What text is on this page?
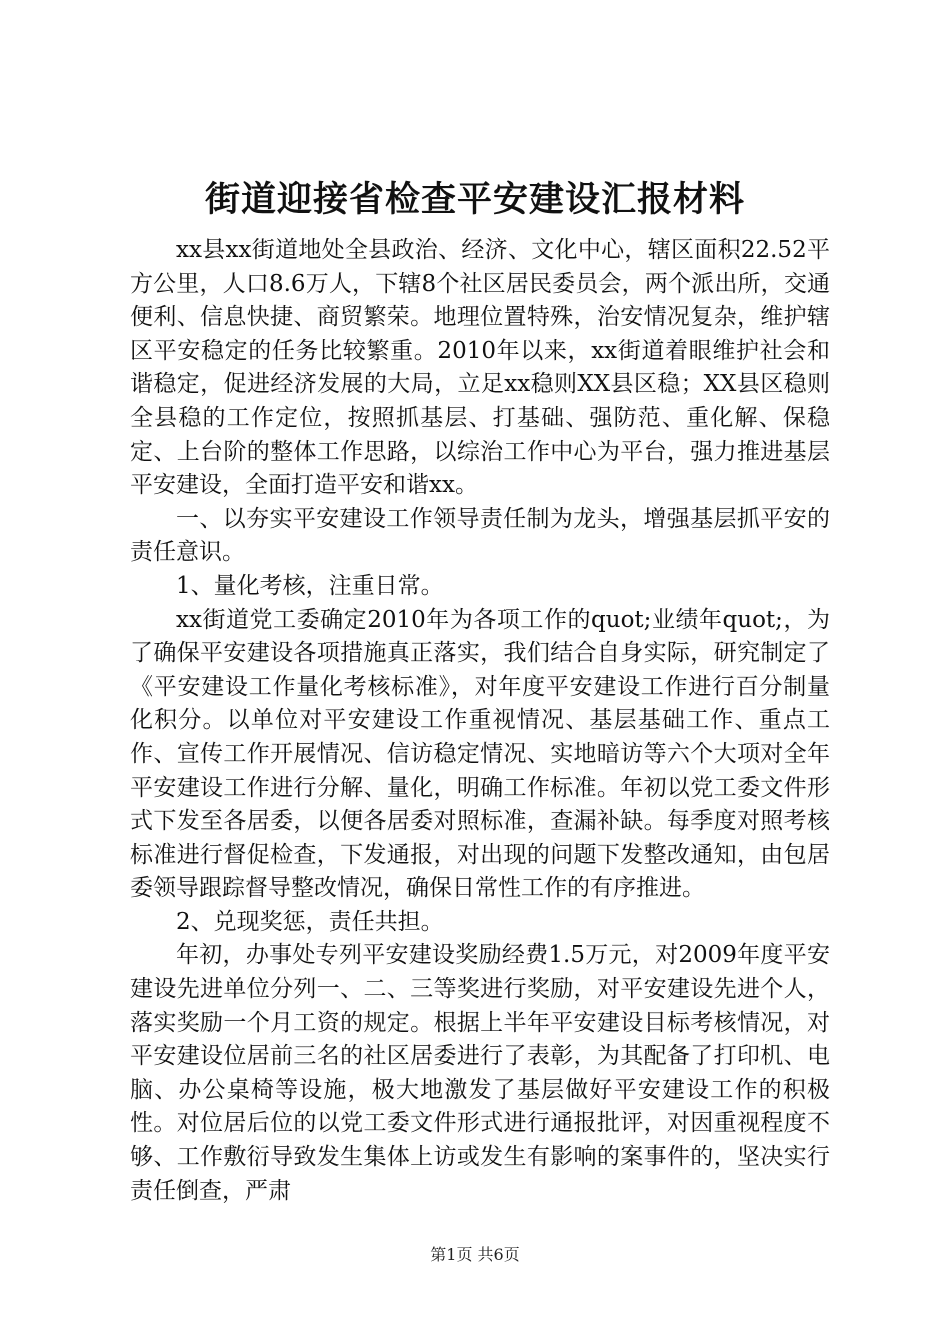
街道迎接省检查平安建设汇报材料

xx县xx街道地处全县政治、经济、文化中心，辖区面积22.52平方公里，人口8.6万人，下辖8个社区居民委员会，两个派出所，交通便利、信息快捷、商贸繁荣。地理位置特殊，治安情况复杂，维护辖区平安稳定的任务比较繁重。2010年以来，xx街道着眼维护社会和谐稳定，促进经济发展的大局，立足xx稳则XX县区稳；XX县区稳则全县稳的工作定位，按照抓基层、打基础、强防范、重化解、保稳定、上台阶的整体工作思路，以综治工作中心为平台，强力推进基层平安建设，全面打造平安和谐xx。

一、以夯实平安建设工作领导责任制为龙头，增强基层抓平安的责任意识。

1、量化考核，注重日常。

xx街道党工委确定2010年为各项工作的quot;业绩年quot;，为了确保平安建设各项措施真正落实，我们结合自身实际，研究制定了《平安建设工作量化考核标准》，对年度平安建设工作进行百分制量化积分。以单位对平安建设工作重视情况、基层基础工作、重点工作、宣传工作开展情况、信访稳定情况、实地暗访等六个大项对全年平安建设工作进行分解、量化，明确工作标准。年初以党工委文件形式下发至各居委，以便各居委对照标准，查漏补缺。每季度对照考核标准进行督促检查，下发通报，对出现的问题下发整改通知，由包居委领导跟踪督导整改情况，确保日常性工作的有序推进。

2、兑现奖惩，责任共担。

年初，办事处专列平安建设奖励经费1.5万元，对2009年度平安建设先进单位分列一、二、三等奖进行奖励，对平安建设先进个人，落实奖励一个月工资的规定。根据上半年平安建设目标考核情况，对平安建设位居前三名的社区居委进行了表彰，为其配备了打印机、电脑、办公桌椅等设施，极大地激发了基层做好平安建设工作的积极性。对位居后位的以党工委文件形式进行通报批评，对因重视程度不够、工作敷衍导致发生集体上访或发生有影响的案事件的，坚决实行责任倒查，严肃

第1页 共6页
